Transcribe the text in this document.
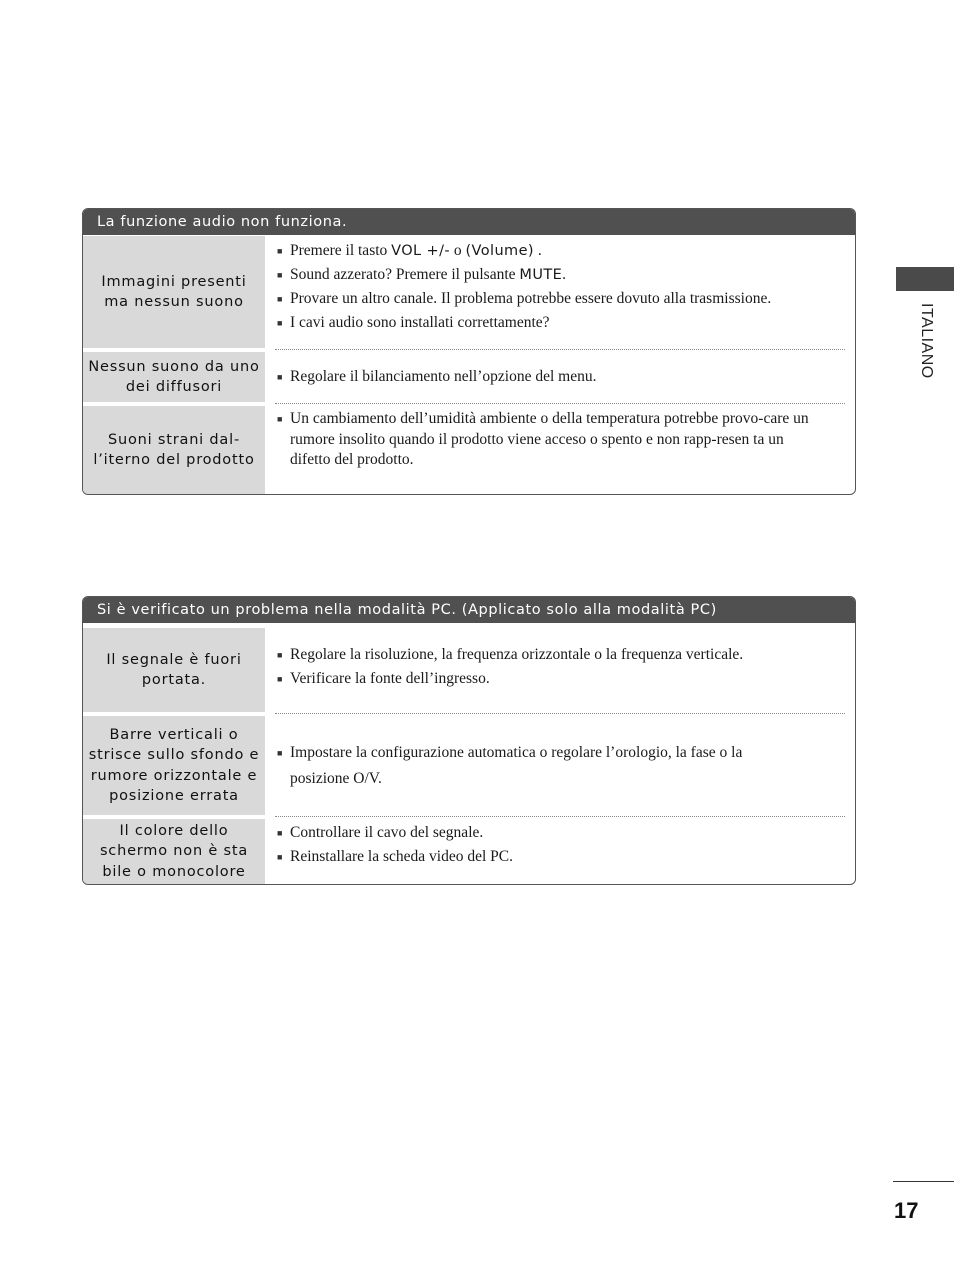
La funzione audio non funziona.
Immagini presenti ma nessun suono
■ Premere il tasto VOL +/- o (Volume) .
■ Sound azzerato? Premere il pulsante MUTE.
■ Provare un altro canale. Il problema potrebbe essere dovuto alla trasmissione.
■ I cavi audio sono installati correttamente?
Nessun suono da uno dei diffusori
■ Regolare il bilanciamento nell’opzione del menu.
Suoni strani dal-l’iterno del prodotto
■ Un cambiamento dell’umidità ambiente o della temperatura potrebbe provo-care un rumore insolito quando il prodotto viene acceso o spento e non rapp-resen ta un difetto del prodotto.
Si è verificato un problema nella modalità PC. (Applicato solo alla modalità PC)
Il segnale è fuori portata.
■ Regolare la risoluzione, la frequenza orizzontale o la frequenza verticale.
■ Verificare la fonte dell’ingresso.
Barre verticali o strisce sullo sfondo e rumore orizzontale e posizione errata
■ Impostare la configurazione automatica o regolare l’orologio, la fase o la posizione O/V.
Il colore dello schermo non è sta bile o monocolore
■ Controllare il cavo del segnale.
■ Reinstallare la scheda video del PC.
ITALIANO
17
